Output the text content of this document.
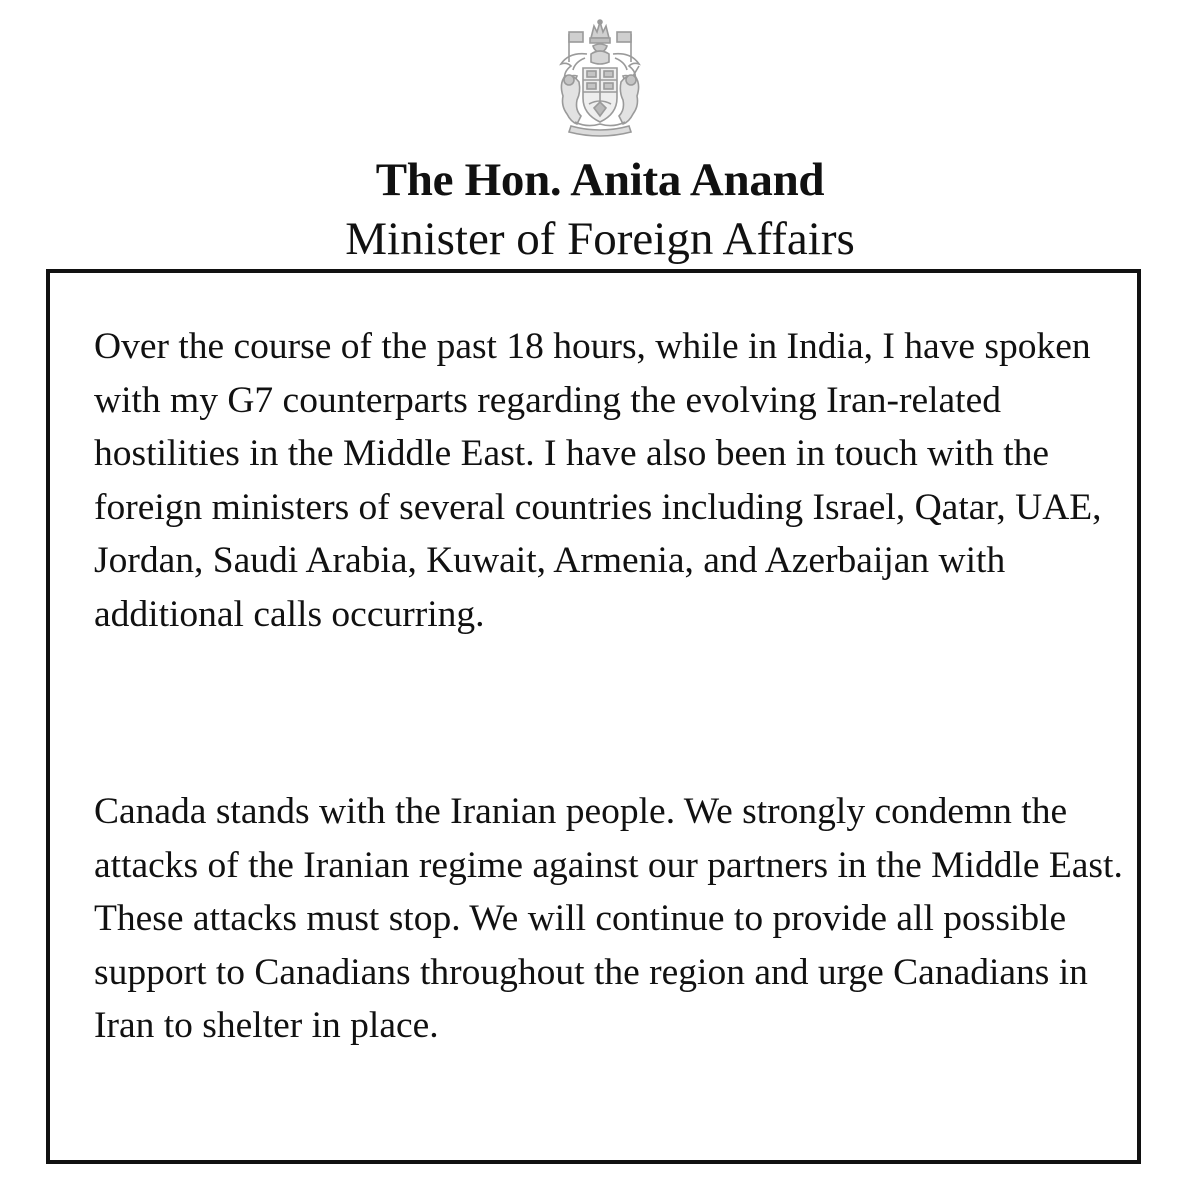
The Hon. Anita Anand
Minister of Foreign Affairs

Over the course of the past 18 hours, while in India, I have spoken with my G7 counterparts regarding the evolving Iran-related hostilities in the Middle East. I have also been in touch with the foreign ministers of several countries including Israel, Qatar, UAE, Jordan, Saudi Arabia, Kuwait, Armenia, and Azerbaijan with additional calls occurring.

Canada stands with the Iranian people. We strongly condemn the attacks of the Iranian regime against our partners in the Middle East. These attacks must stop. We will continue to provide all possible support to Canadians throughout the region and urge Canadians in Iran to shelter in place.
